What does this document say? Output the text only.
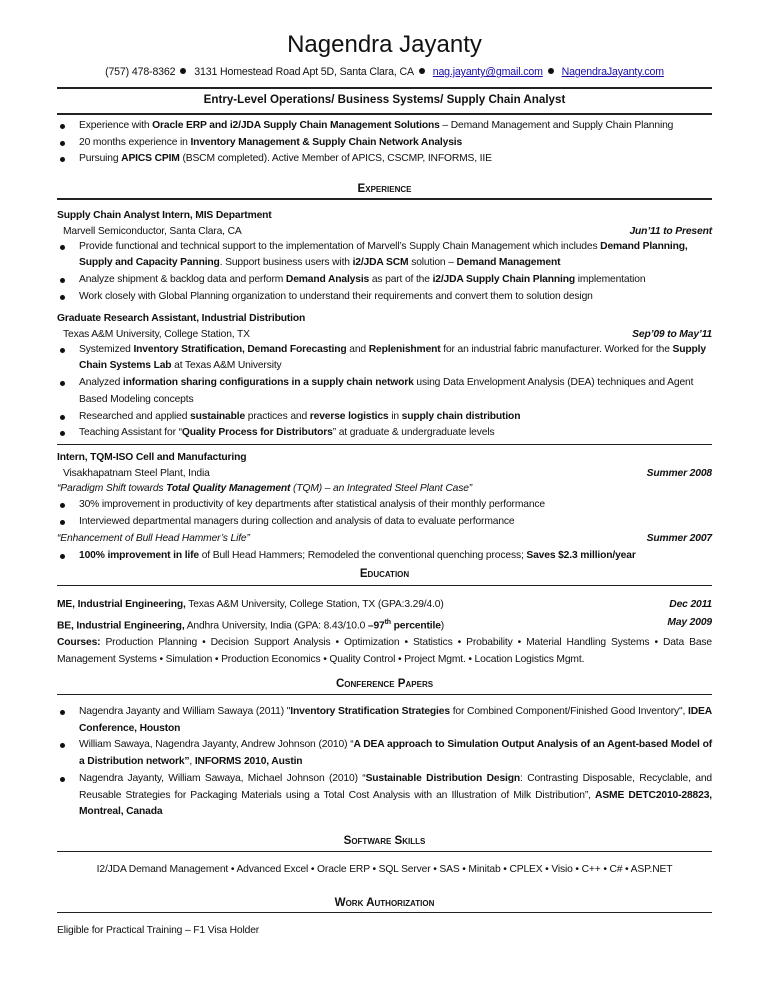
Nagendra Jayanty
(757) 478-8362 3131 Homestead Road Apt 5D, Santa Clara, CA nag.jayanty@gmail.com NagendraJayanty.com
Entry-Level Operations/ Business Systems/ Supply Chain Analyst
Experience with Oracle ERP and i2/JDA Supply Chain Management Solutions – Demand Management and Supply Chain Planning
20 months experience in Inventory Management & Supply Chain Network Analysis
Pursuing APICS CPIM (BSCM completed). Active Member of APICS, CSCMP, INFORMS, IIE
Experience
Supply Chain Analyst Intern, MIS Department
Marvell Semiconductor, Santa Clara, CA	Jun’11 to Present
Provide functional and technical support to the implementation of Marvell’s Supply Chain Management which includes Demand Planning, Supply and Capacity Panning. Support business users with i2/JDA SCM solution – Demand Management
Analyze shipment & backlog data and perform Demand Analysis as part of the i2/JDA Supply Chain Planning implementation
Work closely with Global Planning organization to understand their requirements and convert them to solution design
Graduate Research Assistant, Industrial Distribution
Texas A&M University, College Station, TX	Sep’09 to May’11
Systemized Inventory Stratification, Demand Forecasting and Replenishment for an industrial fabric manufacturer. Worked for the Supply Chain Systems Lab at Texas A&M University
Analyzed information sharing configurations in a supply chain network using Data Envelopment Analysis (DEA) techniques and Agent Based Modeling concepts
Researched and applied sustainable practices and reverse logistics in supply chain distribution
Teaching Assistant for “Quality Process for Distributors” at graduate & undergraduate levels
Intern, TQM-ISO Cell and Manufacturing
Visakhapatnam Steel Plant, India	Summer 2008
“Paradigm Shift towards Total Quality Management (TQM) – an Integrated Steel Plant Case”
30% improvement in productivity of key departments after statistical analysis of their monthly performance
Interviewed departmental managers during collection and analysis of data to evaluate performance
“Enhancement of Bull Head Hammer’s Life”	Summer 2007
100% improvement in life of Bull Head Hammers; Remodeled the conventional quenching process; Saves $2.3 million/year
Education
ME, Industrial Engineering, Texas A&M University, College Station, TX (GPA:3.29/4.0)	Dec 2011
BE, Industrial Engineering, Andhra University, India (GPA: 8.43/10.0 –97th percentile)	May 2009
Courses: Production Planning • Decision Support Analysis • Optimization • Statistics • Probability • Material Handling Systems • Data Base Management Systems • Simulation • Production Economics • Quality Control • Project Mgmt. • Location Logistics Mgmt.
Conference Papers
Nagendra Jayanty and William Sawaya (2011) "Inventory Stratification Strategies for Combined Component/Finished Good Inventory", IDEA Conference, Houston
William Sawaya, Nagendra Jayanty, Andrew Johnson (2010) “A DEA approach to Simulation Output Analysis of an Agent-based Model of a Distribution network”, INFORMS 2010, Austin
Nagendra Jayanty, William Sawaya, Michael Johnson (2010) “Sustainable Distribution Design: Contrasting Disposable, Recyclable, and Reusable Strategies for Packaging Materials using a Total Cost Analysis with an Illustration of Milk Distribution”, ASME DETC2010-28823, Montreal, Canada
Software Skills
I2/JDA Demand Management • Advanced Excel • Oracle ERP • SQL Server • SAS • Minitab • CPLEX • Visio • C++ • C# • ASP.NET
Work Authorization
Eligible for Practical Training – F1 Visa Holder
